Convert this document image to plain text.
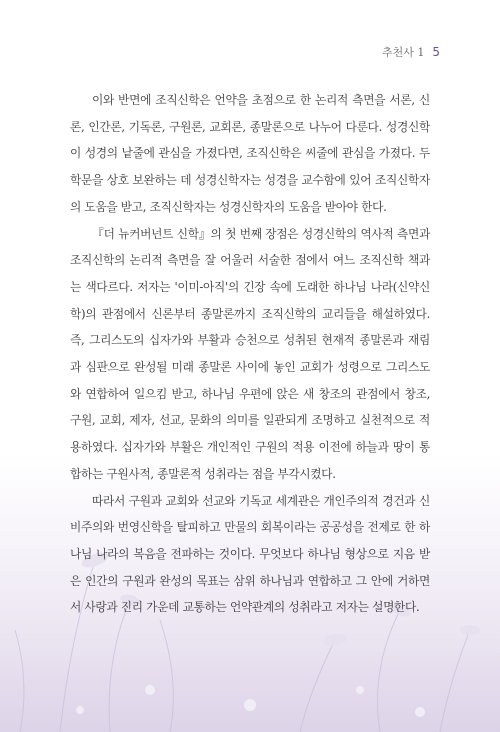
추천사 1 5

이와 반면에 조직신학은 언약을 초점으로 한 논리적 측면을 서론, 신론, 인간론, 기독론, 구원론, 교회론, 종말론으로 나누어 다룬다. 성경신학이 성경의 낱줄에 관심을 가졌다면, 조직신학은 씨줄에 관심을 가졌다. 두 학문을 상호 보완하는 데 성경신학자는 성경을 교수함에 있어 조직신학자의 도움을 받고, 조직신학자는 성경신학자의 도움을 받아야 한다.

『더 뉴커버넌트 신학』의 첫 번째 장점은 성경신학의 역사적 측면과 조직신학의 논리적 측면을 잘 어울러 서술한 점에서 여느 조직신학 책과는 색다르다. 저자는 '이미-아직'의 긴장 속에 도래한 하나님 나라(신약신학)의 관점에서 신론부터 종말론까지 조직신학의 교리들을 해설하였다. 즉, 그리스도의 십자가와 부활과 승천으로 성취된 현재적 종말론과 재림과 심판으로 완성될 미래 종말론 사이에 놓인 교회가 성령으로 그리스도와 연합하여 일으킴 받고, 하나님 우편에 앉은 새 창조의 관점에서 창조, 구원, 교회, 제자, 선교, 문화의 의미를 일관되게 조명하고 실천적으로 적용하였다. 십자가와 부활은 개인적인 구원의 적용 이전에 하늘과 땅이 통합하는 구원사적, 종말론적 성취라는 점을 부각시켰다.

따라서 구원과 교회와 선교와 기독교 세계관은 개인주의적 경건과 신비주의와 번영신학을 탈피하고 만물의 회복이라는 공공성을 전제로 한 하나님 나라의 복음을 전파하는 것이다. 무엇보다 하나님 형상으로 지음 받은 인간의 구원과 완성의 목표는 삼위 하나님과 연합하고 그 안에 거하면서 사랑과 진리 가운데 교통하는 언약관계의 성취라고 저자는 설명한다.
